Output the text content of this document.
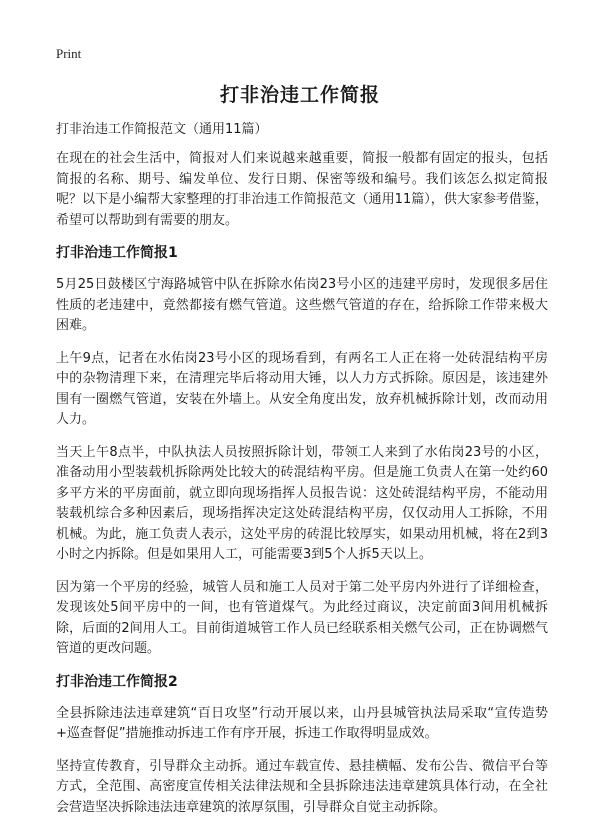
Print
打非治违工作简报

打非治违工作简报范文（通用11篇）

在现在的社会生活中，简报对人们来说越来越重要，简报一般都有固定的报头，包括简报的名称、期号、编发单位、发行日期、保密等级和编号。我们该怎么拟定简报呢？以下是小编帮大家整理的打非治违工作简报范文（通用11篇），供大家参考借鉴，希望可以帮助到有需要的朋友。

打非治违工作简报1

5月25日鼓楼区宁海路城管中队在拆除水佑岗23号小区的违建平房时，发现很多居住性质的老违建中，竟然都接有燃气管道。这些燃气管道的存在，给拆除工作带来极大困难。

上午9点，记者在水佑岗23号小区的现场看到，有两名工人正在将一处砖混结构平房中的杂物清理下来，在清理完毕后将动用大锤，以人力方式拆除。原因是，该违建外围有一圈燃气管道，安装在外墙上。从安全角度出发，放弃机械拆除计划，改而动用人力。

当天上午8点半，中队执法人员按照拆除计划，带领工人来到了水佑岗23号的小区，准备动用小型装载机拆除两处比较大的砖混结构平房。但是施工负责人在第一处约60多平方米的平房面前，就立即向现场指挥人员报告说：这处砖混结构平房，不能动用装载机综合多种因素后，现场指挥决定这处砖混结构平房，仅仅动用人工拆除，不用机械。为此，施工负责人表示，这处平房的砖混比较厚实，如果动用机械，将在2到3小时之内拆除。但是如果用人工，可能需要3到5个人拆5天以上。

因为第一个平房的经验，城管人员和施工人员对于第二处平房内外进行了详细检查，发现该处5间平房中的一间，也有管道煤气。为此经过商议，决定前面3间用机械拆除，后面的2间用人工。目前街道城管工作人员已经联系相关燃气公司，正在协调燃气管道的更改问题。

打非治违工作简报2

全县拆除违法违章建筑“百日攻坚”行动开展以来，山丹县城管执法局采取“宣传造势+巡查督促”措施推动拆违工作有序开展，拆违工作取得明显成效。

坚持宣传教育，引导群众主动拆。通过车载宣传、悬挂横幅、发布公告、微信平台等方式，全范围、高密度宣传相关法律法规和全县拆除违法违章建筑具体行动，在全社会营造坚决拆除违法违章建筑的浓厚氛围，引导群众自觉主动拆除。
